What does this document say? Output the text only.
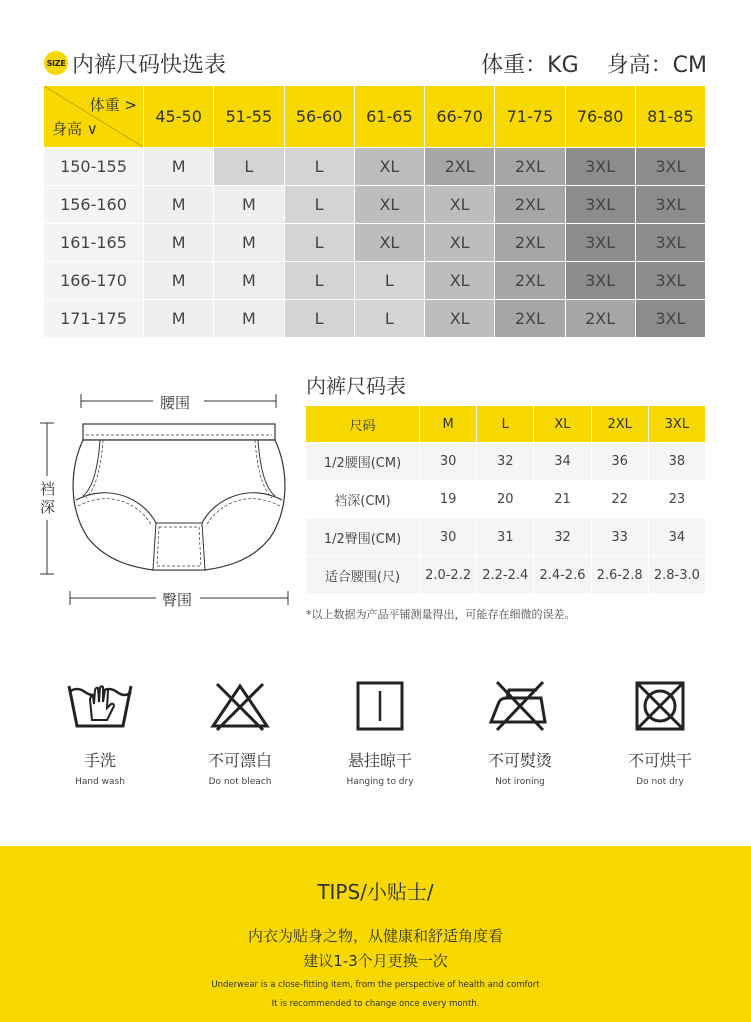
SIZE 内裤尺码快选表	体重：KG 身高：CM
体重 >
身高 ∨	45-50	51-55	56-60	61-65	66-70	71-75	76-80	81-85
150-155	M	L	L	XL	2XL	2XL	3XL	3XL
156-160	M	M	L	XL	XL	2XL	3XL	3XL
161-165	M	M	L	XL	XL	2XL	3XL	3XL
166-170	M	M	L	L	XL	2XL	3XL	3XL
171-175	M	M	L	L	XL	2XL	2XL	3XL
腰围
裆深
臀围
内裤尺码表
尺码	M	L	XL	2XL	3XL
1/2腰围(CM)	30	32	34	36	38
裆深(CM)	19	20	21	22	23
1/2臀围(CM)	30	31	32	33	34
适合腰围(尺)	2.0-2.2	2.2-2.4	2.4-2.6	2.6-2.8	2.8-3.0
*以上数据为产品平铺测量得出，可能存在细微的误差。
手洗
Hand wash
不可漂白
Do not bleach
悬挂晾干
Hanging to dry
不可熨烫
Not ironing
不可烘干
Do not dry
TIPS/小贴士/
内衣为贴身之物，从健康和舒适角度看
建议1-3个月更换一次
Underwear is a close-fitting item, from the perspective of health and comfort
It is recommended to change once every month.
